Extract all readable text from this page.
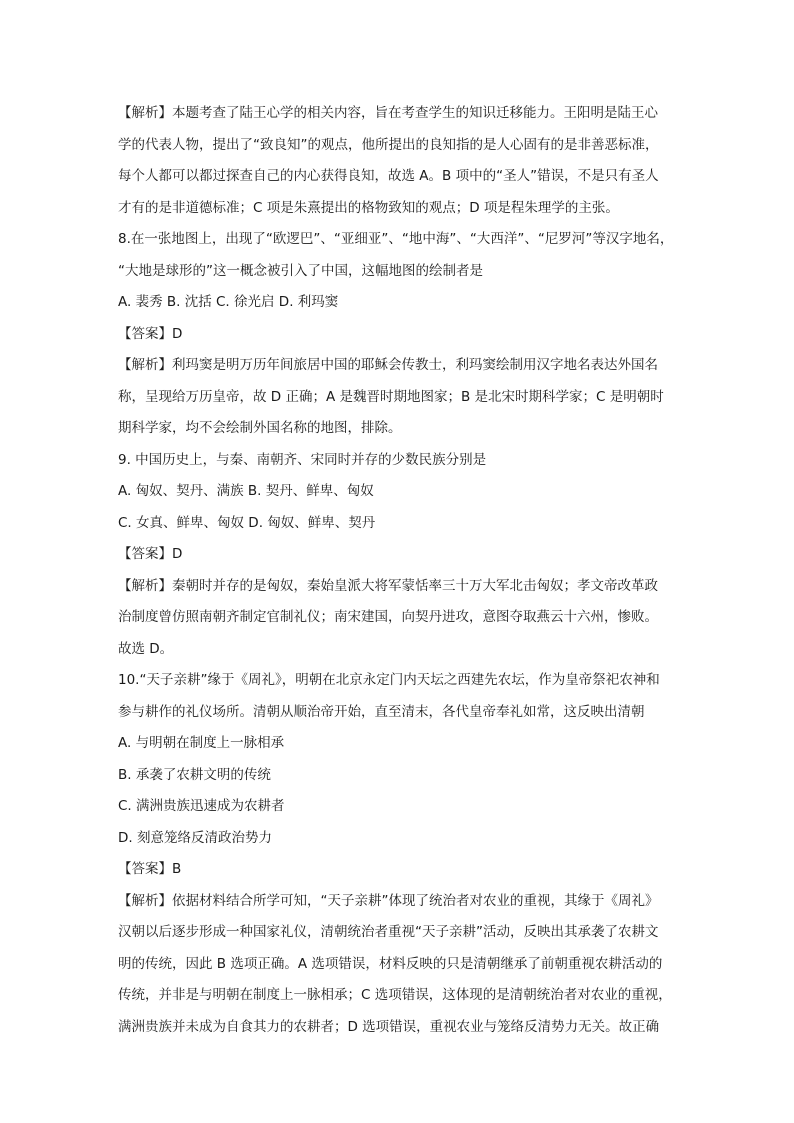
【解析】本题考查了陆王心学的相关内容，旨在考查学生的知识迁移能力。王阳明是陆王心
学的代表人物，提出了“致良知”的观点，他所提出的良知指的是人心固有的是非善恶标准，
每个人都可以都过探查自己的内心获得良知，故选 A。B 项中的“圣人”错误，不是只有圣人
才有的是非道德标准；C 项是朱熹提出的格物致知的观点；D 项是程朱理学的主张。
8.在一张地图上，出现了“欧逻巴”、“亚细亚”、“地中海”、“大西洋”、“尼罗河”等汉字地名，
“大地是球形的”这一概念被引入了中国，这幅地图的绘制者是
A. 裴秀 B. 沈括 C. 徐光启 D. 利玛窦
【答案】D
【解析】利玛窦是明万历年间旅居中国的耶稣会传教士，利玛窦绘制用汉字地名表达外国名
称，呈现给万历皇帝，故 D 正确；A 是魏晋时期地图家；B 是北宋时期科学家；C 是明朝时
期科学家，均不会绘制外国名称的地图，排除。
9. 中国历史上，与秦、南朝齐、宋同时并存的少数民族分别是
A. 匈奴、契丹、满族 B. 契丹、鲜卑、匈奴
C. 女真、鲜卑、匈奴 D. 匈奴、鲜卑、契丹
【答案】D
【解析】秦朝时并存的是匈奴，秦始皇派大将军蒙恬率三十万大军北击匈奴；孝文帝改革政
治制度曾仿照南朝齐制定官制礼仪；南宋建国，向契丹进攻，意图夺取燕云十六州，惨败。
故选 D。
10.“天子亲耕”缘于《周礼》，明朝在北京永定门内天坛之西建先农坛，作为皇帝祭祀农神和
参与耕作的礼仪场所。清朝从顺治帝开始，直至清末，各代皇帝奉礼如常，这反映出清朝
A. 与明朝在制度上一脉相承
B. 承袭了农耕文明的传统
C. 满洲贵族迅速成为农耕者
D. 刻意笼络反清政治势力
【答案】B
【解析】依据材料结合所学可知，“天子亲耕”体现了统治者对农业的重视，其缘于《周礼》
汉朝以后逐步形成一种国家礼仪，清朝统治者重视“天子亲耕”活动，反映出其承袭了农耕文
明的传统，因此 B 选项正确。A 选项错误，材料反映的只是清朝继承了前朝重视农耕活动的
传统，并非是与明朝在制度上一脉相承；C 选项错误，这体现的是清朝统治者对农业的重视，
满洲贵族并未成为自食其力的农耕者；D 选项错误，重视农业与笼络反清势力无关。故正确
